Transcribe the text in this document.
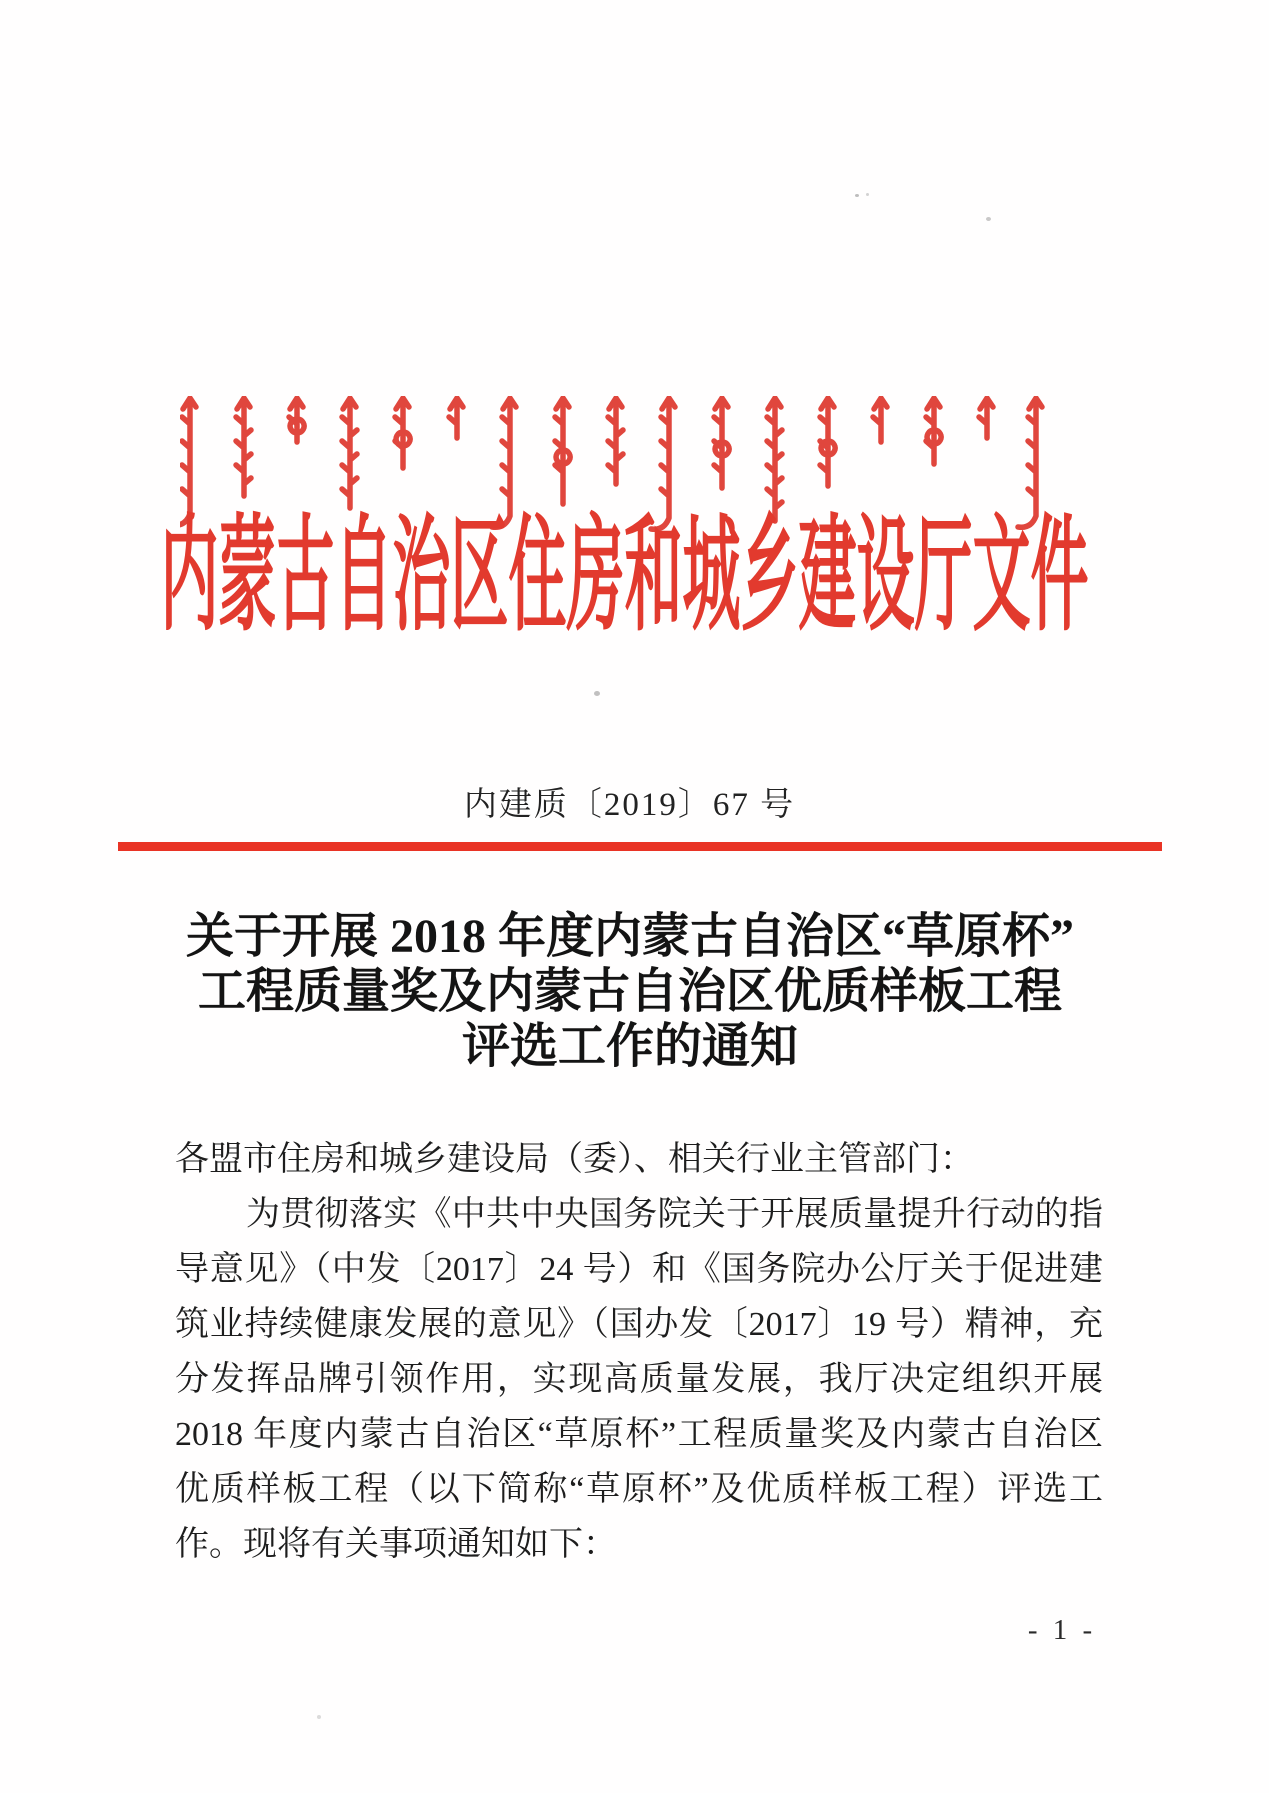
内蒙古自治区住房和城乡建设厅文件
内建质〔2019〕67 号
关于开展 2018 年度内蒙古自治区“草原杯”
工程质量奖及内蒙古自治区优质样板工程
评选工作的通知
各盟市住房和城乡建设局（委）、相关行业主管部门：
为贯彻落实《中共中央国务院关于开展质量提升行动的指
导意见》（中发〔2017〕24 号）和《国务院办公厅关于促进建
筑业持续健康发展的意见》（国办发〔2017〕19 号）精神，充
分发挥品牌引领作用，实现高质量发展，我厅决定组织开展
2018 年度内蒙古自治区“草原杯”工程质量奖及内蒙古自治区
优质样板工程（以下简称“草原杯”及优质样板工程）评选工
作。现将有关事项通知如下：
- 1 -
